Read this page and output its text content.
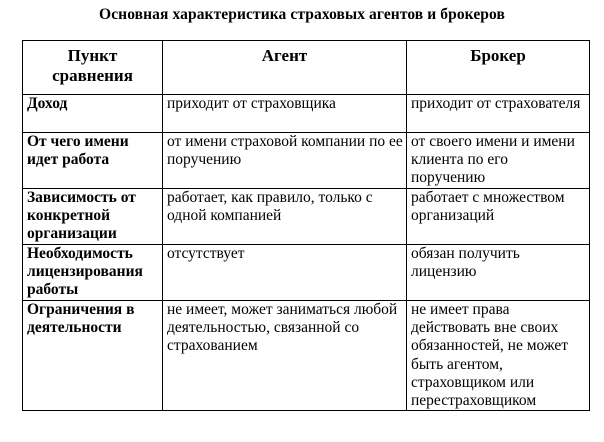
Основная характеристика страховых агентов и брокеров
Пункт сравнения	Агент	Брокер
Доход	приходит от страховщика	приходит от страхователя
От чего имени идет работа	от имени страховой компании по ее поручению	от своего имени и имени клиента по его поручению
Зависимость от конкретной организации	работает, как правило, только с одной компанией	работает с множеством организаций
Необходимость лицензирования работы	отсутствует	обязан получить лицензию
Ограничения в деятельности	не имеет, может заниматься любой деятельностью, связанной со страхованием	не имеет права действовать вне своих обязанностей, не может быть агентом, страховщиком или перестраховщиком
